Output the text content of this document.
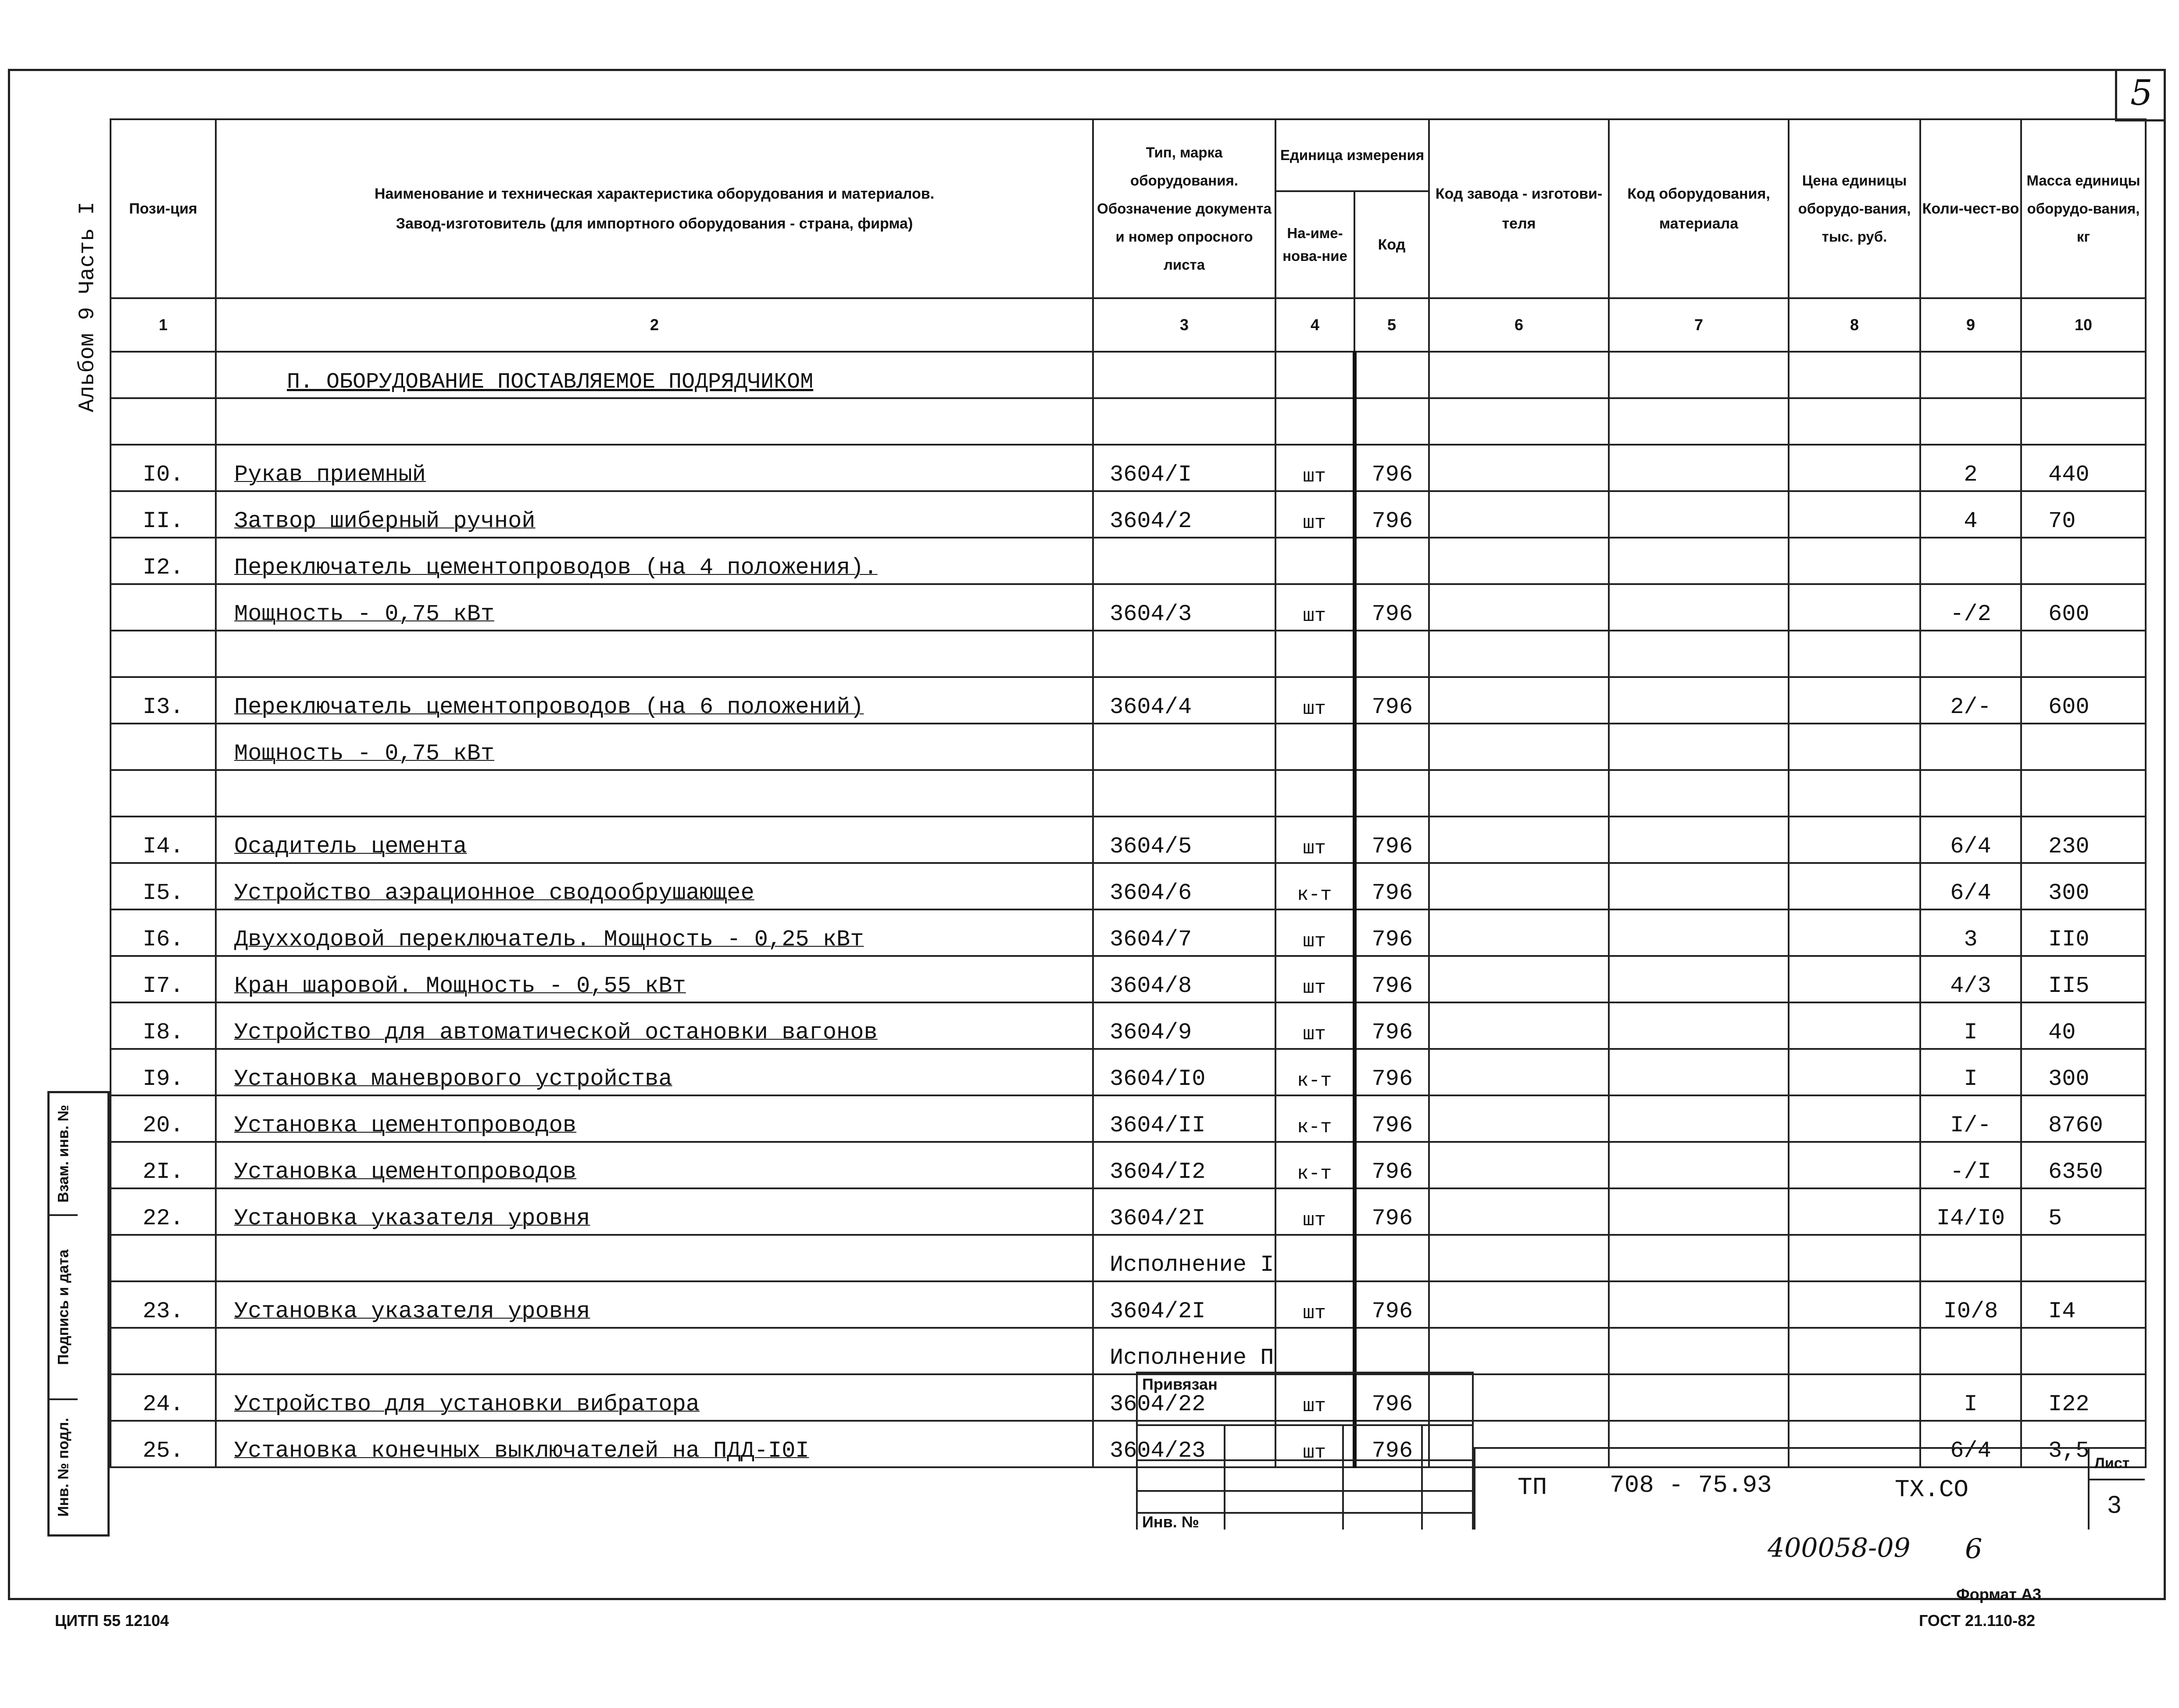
5
Альбом 9 Часть I Пози-ция	Наименование и техническая характеристика оборудования и материалов.
Завод-изготовитель (для импортного оборудования - страна, фирма)	Тип, марка оборудования. Обозначение документа и номер опросного листа	Единица измерения		Код завода - изготови-теля	Код оборудования, материала	Цена единицы оборудо-вания, тыс. руб.	Коли-чест-во	Масса единицы оборудо-вания, кг
			На-име-нова-ние	Код					
1	2	3	4	5	6	7	8	9	10
	П. ОБОРУДОВАНИЕ ПОСТАВЛЯЕМОЕ ПОДРЯДЧИКОМ								

I0.	Рукав приемный	3604/I	шт	796				2	440
II.	Затвор шиберный ручной	3604/2	шт	796				4	70
I2.	Переключатель цементопроводов (на 4 положения).								
	Мощность - 0,75 кВт	3604/3	шт	796				-/2	600

I3.	Переключатель цементопроводов (на 6 положений)	3604/4	шт	796				2/-	600
	Мощность - 0,75 кВт								

I4.	Осадитель цемента	3604/5	шт	796				6/4	230
I5.	Устройство аэрационное сводообрушающее	3604/6	к-т	796				6/4	300
I6.	Двухходовой переключатель. Мощность - 0,25 кВт	3604/7	шт	796				3	II0
I7.	Кран шаровой. Мощность - 0,55 кВт	3604/8	шт	796				4/3	II5
I8.	Устройство для автоматической остановки вагонов	3604/9	шт	796				I	40
I9.	Установка маневрового устройства	3604/I0	к-т	796				I	300
20.	Установка цементопроводов	3604/II	к-т	796				I/-	8760
2I.	Установка цементопроводов	3604/I2	к-т	796				-/I	6350
22.	Установка указателя уровня	3604/2I	шт	796				I4/I0	5
		Исполнение I							
23.	Установка указателя уровня	3604/2I	шт	796				I0/8	I4
		Исполнение П							
24.	Устройство для установки вибратора	3604/22	шт	796				I	I22
25.	Установка конечных выключателей на ПДД-I0I	3604/23	шт	796				6/4	3,5
Взам. инв. №
Подпись и дата
Инв. № подл.
Привязан
Инв. №
ТП	708 - 75.93	ТХ.СО
Лист
3
400058-09 6
Формат А3
ГОСТ 21.110-82
ЦИТП 55 12104
